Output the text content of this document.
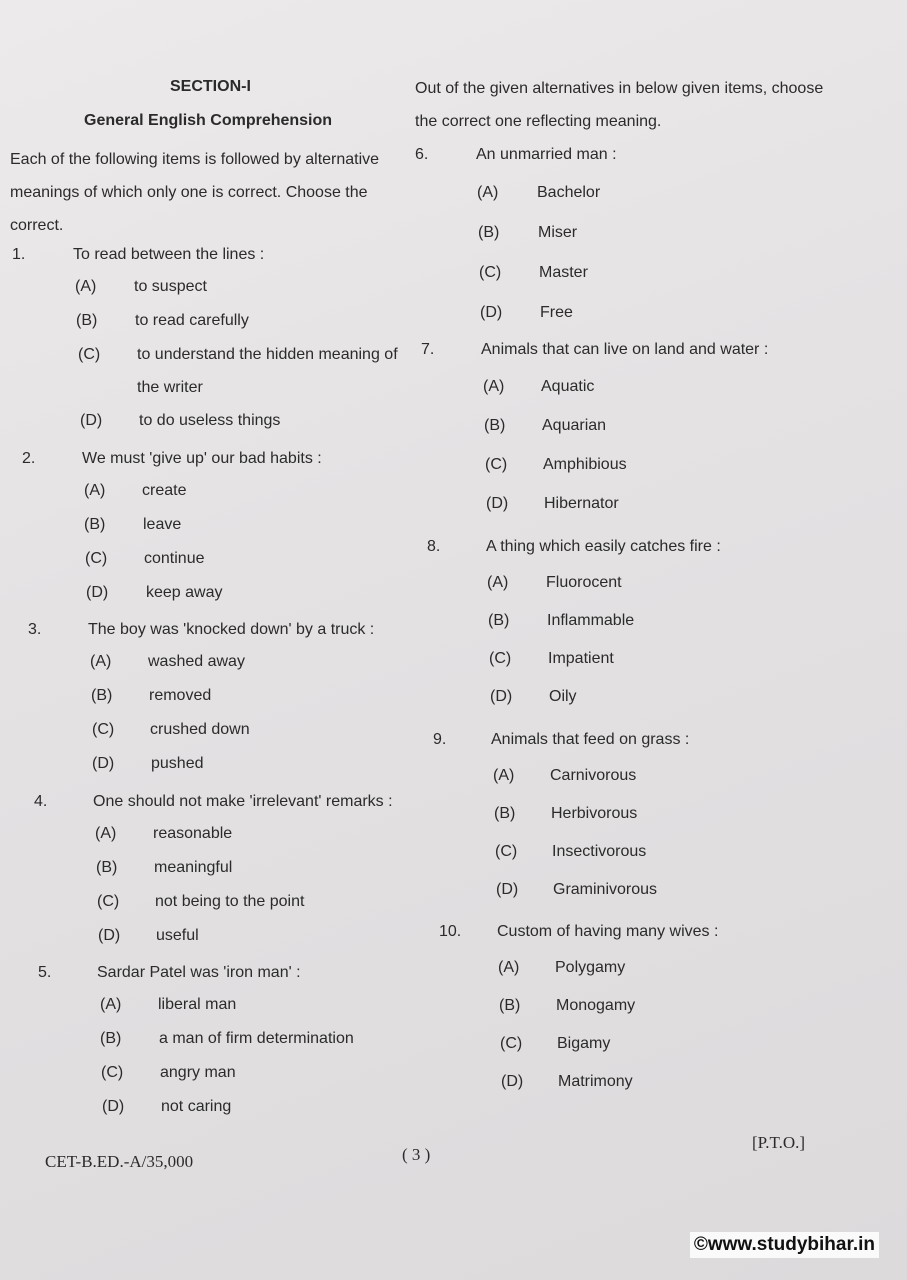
SECTION-I
General English Comprehension

Each of the following items is followed by alternative meanings of which only one is correct. Choose the correct.

1.	To read between the lines :
(A) to suspect
(B) to read carefully
(C) to understand the hidden meaning of the writer
(D) to do useless things
2.	We must 'give up' our bad habits :
(A) create
(B) leave
(C) continue
(D) keep away
3.	The boy was 'knocked down' by a truck :
(A) washed away
(B) removed
(C) crushed down
(D) pushed
4.	One should not make 'irrelevant' remarks :
(A) reasonable
(B) meaningful
(C) not being to the point
(D) useful
5.	Sardar Patel was 'iron man' :
(A) liberal man
(B) a man of firm determination
(C) angry man
(D) not caring

Out of the given alternatives in below given items, choose the correct one reflecting meaning.

6.	An unmarried man :
(A) Bachelor
(B) Miser
(C) Master
(D) Free
7.	Animals that can live on land and water :
(A) Aquatic
(B) Aquarian
(C) Amphibious
(D) Hibernator
8.	A thing which easily catches fire :
(A) Fluorocent
(B) Inflammable
(C) Impatient
(D) Oily
9.	Animals that feed on grass :
(A) Carnivorous
(B) Herbivorous
(C) Insectivorous
(D) Graminivorous
10. Custom of having many wives :
(A) Polygamy
(B) Monogamy
(C) Bigamy
(D) Matrimony
CET-B.ED.-A/35,000	( 3 )
[P.T.O.]
©www.studybihar.in
